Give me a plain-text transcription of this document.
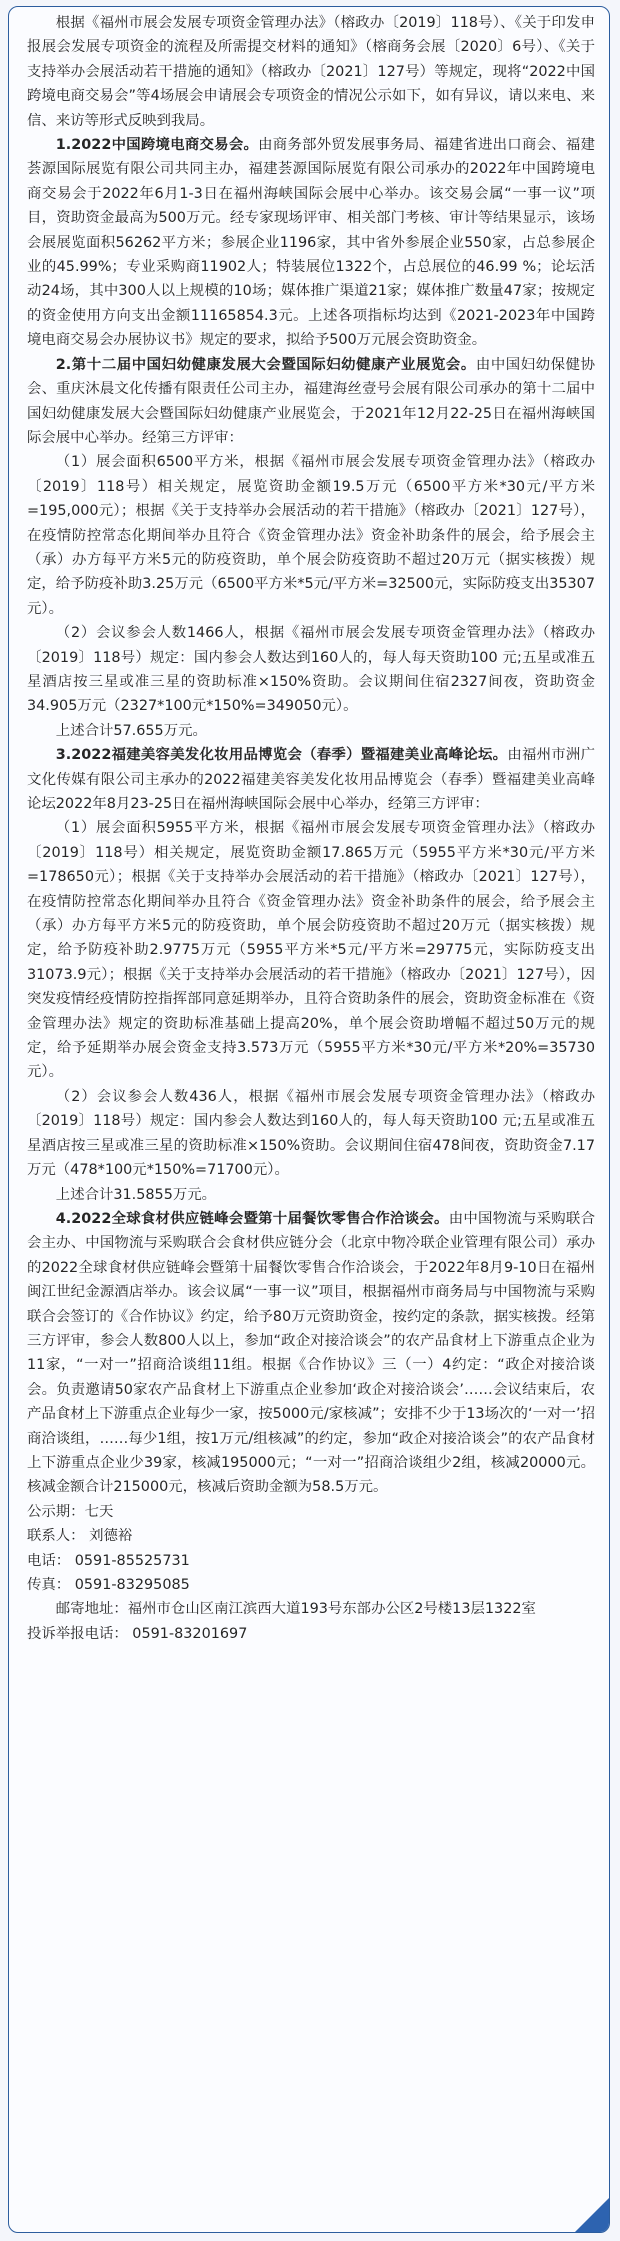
根据《福州市展会发展专项资金管理办法》（榕政办〔2019〕118号）、《关于印发申报展会发展专项资金的流程及所需提交材料的通知》（榕商务会展〔2020〕6号）、《关于支持举办会展活动若干措施的通知》（榕政办〔2021〕127号）等规定，现将“2022中国跨境电商交易会”等4场展会申请展会专项资金的情况公示如下，如有异议，请以来电、来信、来访等形式反映到我局。

1.2022中国跨境电商交易会。由商务部外贸发展事务局、福建省进出口商会、福建荟源国际展览有限公司共同主办，福建荟源国际展览有限公司承办的2022年中国跨境电商交易会于2022年6月1-3日在福州海峡国际会展中心举办。该交易会属“一事一议”项目，资助资金最高为500万元。经专家现场评审、相关部门考核、审计等结果显示，该场会展展览面积56262平方米；参展企业1196家，其中省外参展企业550家，占总参展企业的45.99%；专业采购商11902人；特装展位1322个，占总展位的46.99 %；论坛活动24场，其中300人以上规模的10场；媒体推广渠道21家；媒体推广数量47家；按规定的资金使用方向支出金额11165854.3元。上述各项指标均达到《2021-2023年中国跨境电商交易会办展协议书》规定的要求，拟给予500万元展会资助资金。

2.第十二届中国妇幼健康发展大会暨国际妇幼健康产业展览会。由中国妇幼保健协会、重庆沐晨文化传播有限责任公司主办，福建海丝壹号会展有限公司承办的第十二届中国妇幼健康发展大会暨国际妇幼健康产业展览会，于2021年12月22-25日在福州海峡国际会展中心举办。经第三方评审：

（1）展会面积6500平方米，根据《福州市展会发展专项资金管理办法》（榕政办〔2019〕118号）相关规定，展览资助金额19.5万元（6500平方米*30元/平方米=195,000元）；根据《关于支持举办会展活动的若干措施》（榕政办〔2021〕127号），在疫情防控常态化期间举办且符合《资金管理办法》资金补助条件的展会，给予展会主（承）办方每平方米5元的防疫资助，单个展会防疫资助不超过20万元（据实核拨）规定，给予防疫补助3.25万元（6500平方米*5元/平方米=32500元，实际防疫支出35307元）。

（2）会议参会人数1466人，根据《福州市展会发展专项资金管理办法》（榕政办〔2019〕118号）规定：国内参会人数达到160人的，每人每天资助100 元;五星或准五星酒店按三星或准三星的资助标准×150%资助。会议期间住宿2327间夜，资助资金34.905万元（2327*100元*150%=349050元）。

上述合计57.655万元。

3.2022福建美容美发化妆用品博览会（春季）暨福建美业高峰论坛。由福州市洲广文化传媒有限公司主承办的2022福建美容美发化妆用品博览会（春季）暨福建美业高峰论坛2022年8月23-25日在福州海峡国际会展中心举办，经第三方评审：

（1）展会面积5955平方米，根据《福州市展会发展专项资金管理办法》（榕政办〔2019〕118号）相关规定，展览资助金额17.865万元（5955平方米*30元/平方米=178650元）；根据《关于支持举办会展活动的若干措施》（榕政办〔2021〕127号），在疫情防控常态化期间举办且符合《资金管理办法》资金补助条件的展会，给予展会主（承）办方每平方米5元的防疫资助，单个展会防疫资助不超过20万元（据实核拨）规定，给予防疫补助2.9775万元（5955平方米*5元/平方米=29775元，实际防疫支出31073.9元）；根据《关于支持举办会展活动的若干措施》（榕政办〔2021〕127号），因突发疫情经疫情防控指挥部同意延期举办，且符合资助条件的展会，资助资金标准在《资金管理办法》规定的资助标准基础上提高20%，单个展会资助增幅不超过50万元的规定，给予延期举办展会资金支持3.573万元（5955平方米*30元/平方米*20%=35730元）。

（2）会议参会人数436人，根据《福州市展会发展专项资金管理办法》（榕政办〔2019〕118号）规定：国内参会人数达到160人的，每人每天资助100 元;五星或准五星酒店按三星或准三星的资助标准×150%资助。会议期间住宿478间夜，资助资金7.17万元（478*100元*150%=71700元）。

上述合计31.5855万元。

4.2022全球食材供应链峰会暨第十届餐饮零售合作洽谈会。由中国物流与采购联合会主办、中国物流与采购联合会食材供应链分会（北京中物冷联企业管理有限公司）承办的2022全球食材供应链峰会暨第十届餐饮零售合作洽谈会，于2022年8月9-10日在福州闽江世纪金源酒店举办。该会议属“一事一议”项目，根据福州市商务局与中国物流与采购联合会签订的《合作协议》约定，给予80万元资助资金，按约定的条款，据实核拨。经第三方评审，参会人数800人以上，参加“政企对接洽谈会”的农产品食材上下游重点企业为11家，“一对一”招商洽谈组11组。根据《合作协议》三（一）4约定：“政企对接洽谈会。负责邀请50家农产品食材上下游重点企业参加‘政企对接洽谈会’……会议结束后，农产品食材上下游重点企业每少一家，按5000元/家核减”；安排不少于13场次的‘一对一’招商洽谈组，……每少1组，按1万元/组核减”的约定，参加“政企对接洽谈会”的农产品食材上下游重点企业少39家，核减195000元；“一对一”招商洽谈组少2组，核减20000元。核减金额合计215000元，核减后资助金额为58.5万元。

公示期：七天

联系人： 刘德裕

电话： 0591-85525731

传真： 0591-83295085

邮寄地址：福州市仓山区南江滨西大道193号东部办公区2号楼13层1322室

投诉举报电话： 0591-83201697
